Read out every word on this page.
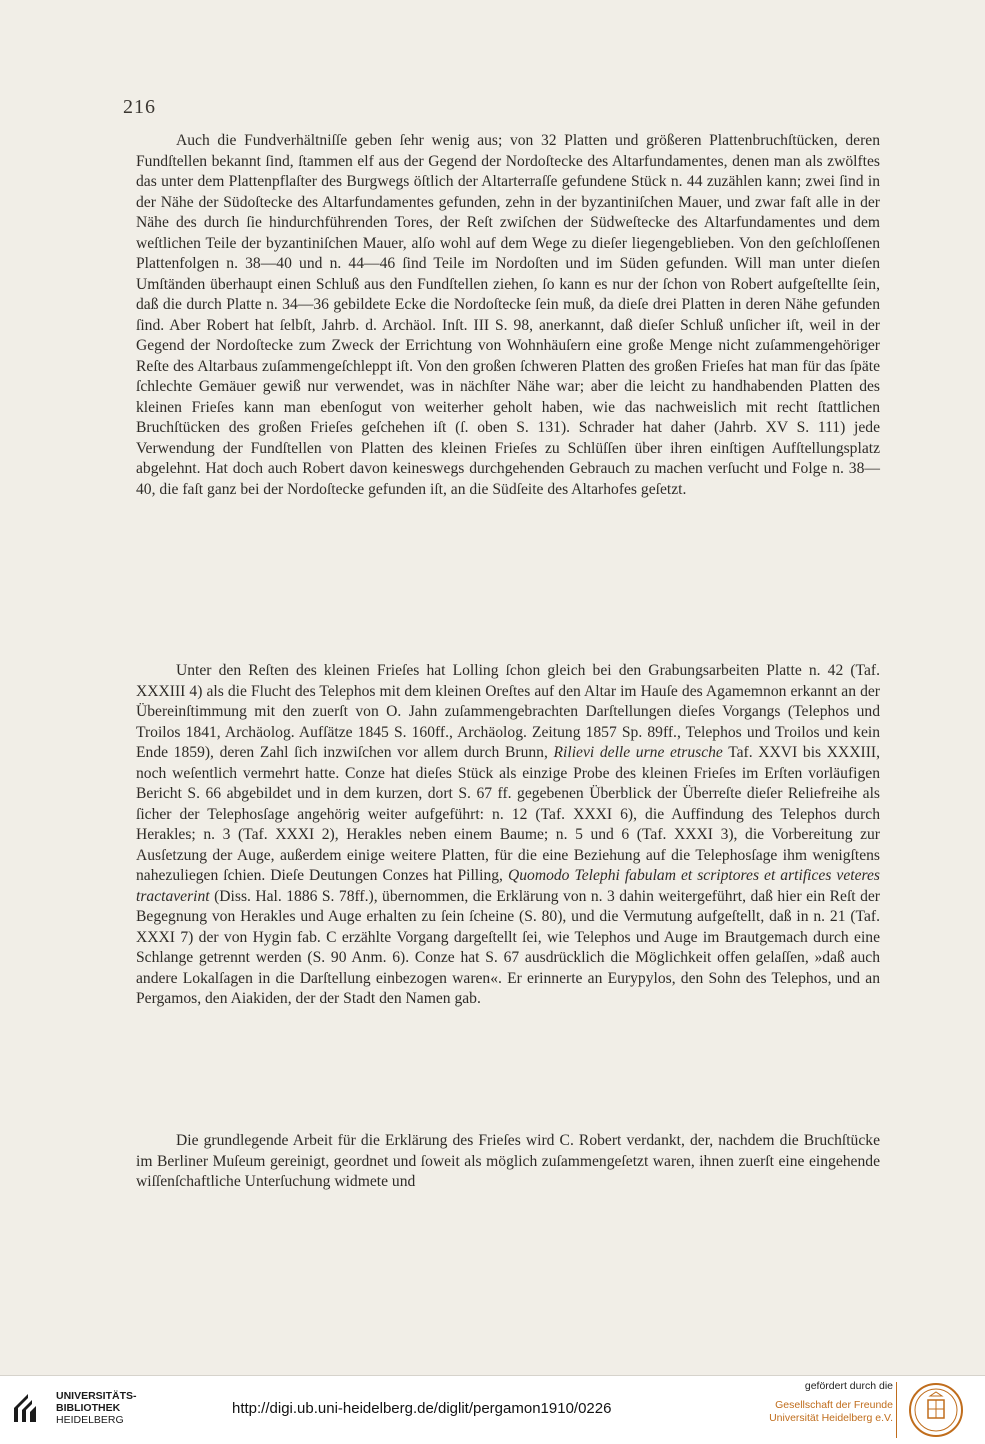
216

Auch die Fundverhältniſſe geben ſehr wenig aus; von 32 Platten und größeren Plattenbruchſtücken, deren Fundſtellen bekannt ſind, ſtammen elf aus der Gegend der Nordoſtecke des Altarfundamentes, denen man als zwölftes das unter dem Plattenpflaſter des Burgwegs öſtlich der Altarterraſſe gefundene Stück n. 44 zuzählen kann; zwei ſind in der Nähe der Südoſtecke des Altarfundamentes gefunden, zehn in der byzantiniſchen Mauer, und zwar faſt alle in der Nähe des durch ſie hindurchführenden Tores, der Reſt zwiſchen der Südweſtecke des Altarfundamentes und dem weſtlichen Teile der byzantiniſchen Mauer, alſo wohl auf dem Wege zu dieſer liegengeblieben. Von den geſchloſſenen Plattenfolgen n. 38—40 und n. 44—46 ſind Teile im Nordoſten und im Süden gefunden. Will man unter dieſen Umſtänden überhaupt einen Schluß aus den Fundſtellen ziehen, ſo kann es nur der ſchon von Robert aufgeſtellte ſein, daß die durch Platte n. 34—36 gebildete Ecke die Nordoſtecke ſein muß, da dieſe drei Platten in deren Nähe gefunden ſind. Aber Robert hat ſelbſt, Jahrb. d. Archäol. Inſt. III S. 98, anerkannt, daß dieſer Schluß unſicher iſt, weil in der Gegend der Nordoſtecke zum Zweck der Errichtung von Wohnhäuſern eine große Menge nicht zuſammengehöriger Reſte des Altarbaus zuſammengeſchleppt iſt. Von den großen ſchweren Platten des großen Frieſes hat man für das ſpäte ſchlechte Gemäuer gewiß nur verwendet, was in nächſter Nähe war; aber die leicht zu handhabenden Platten des kleinen Frieſes kann man ebenſogut von weiterher geholt haben, wie das nachweislich mit recht ſtattlichen Bruchſtücken des großen Frieſes geſchehen iſt (ſ. oben S. 131). Schrader hat daher (Jahrb. XV S. 111) jede Verwendung der Fundſtellen von Platten des kleinen Frieſes zu Schlüſſen über ihren einſtigen Aufſtellungsplatz abgelehnt. Hat doch auch Robert davon keineswegs durchgehenden Gebrauch zu machen verſucht und Folge n. 38—40, die faſt ganz bei der Nordoſtecke gefunden iſt, an die Südſeite des Altarhofes geſetzt.

Unter den Reſten des kleinen Frieſes hat Lolling ſchon gleich bei den Grabungsarbeiten Platte n. 42 (Taf. XXXIII 4) als die Flucht des Telephos mit dem kleinen Oreſtes auf den Altar im Hauſe des Agamemnon erkannt an der Übereinſtimmung mit den zuerſt von O. Jahn zuſammengebrachten Darſtellungen dieſes Vorgangs (Telephos und Troilos 1841, Archäolog. Aufſätze 1845 S. 160ff., Archäolog. Zeitung 1857 Sp. 89ff., Telephos und Troilos und kein Ende 1859), deren Zahl ſich inzwiſchen vor allem durch Brunn, Rilievi delle urne etrusche Taf. XXVI bis XXXIII, noch weſentlich vermehrt hatte. Conze hat dieſes Stück als einzige Probe des kleinen Frieſes im Erſten vorläufigen Bericht S. 66 abgebildet und in dem kurzen, dort S. 67 ff. gegebenen Überblick der Überreſte dieſer Reliefreihe als ſicher der Telephosſage angehörig weiter aufgeführt: n. 12 (Taf. XXXI 6), die Auffindung des Telephos durch Herakles; n. 3 (Taf. XXXI 2), Herakles neben einem Baume; n. 5 und 6 (Taf. XXXI 3), die Vorbereitung zur Ausſetzung der Auge, außerdem einige weitere Platten, für die eine Beziehung auf die Telephosſage ihm wenigſtens nahezuliegen ſchien. Dieſe Deutungen Conzes hat Pilling, Quomodo Telephi fabulam et scriptores et artifices veteres tractaverint (Diss. Hal. 1886 S. 78ff.), übernommen, die Erklärung von n. 3 dahin weitergeführt, daß hier ein Reſt der Begegnung von Herakles und Auge erhalten zu ſein ſcheine (S. 80), und die Vermutung aufgeſtellt, daß in n. 21 (Taf. XXXI 7) der von Hygin fab. C erzählte Vorgang dargeſtellt ſei, wie Telephos und Auge im Brautgemach durch eine Schlange getrennt werden (S. 90 Anm. 6). Conze hat S. 67 ausdrücklich die Möglichkeit offen gelaſſen, »daß auch andere Lokalſagen in die Darſtellung einbezogen waren«. Er erinnerte an Eurypylos, den Sohn des Telephos, und an Pergamos, den Aiakiden, der der Stadt den Namen gab.

Die grundlegende Arbeit für die Erklärung des Frieſes wird C. Robert verdankt, der, nachdem die Bruchſtücke im Berliner Muſeum gereinigt, geordnet und ſoweit als möglich zuſammengeſetzt waren, ihnen zuerſt eine eingehende wiſſenſchaftliche Unterſuchung widmete und

UNIVERSITÄTS-
BIBLIOTHEK
HEIDELBERG
http://digi.ub.uni-heidelberg.de/diglit/pergamon1910/0226
gefördert durch die
Gesellschaft der Freunde
Universität Heidelberg e.V.
